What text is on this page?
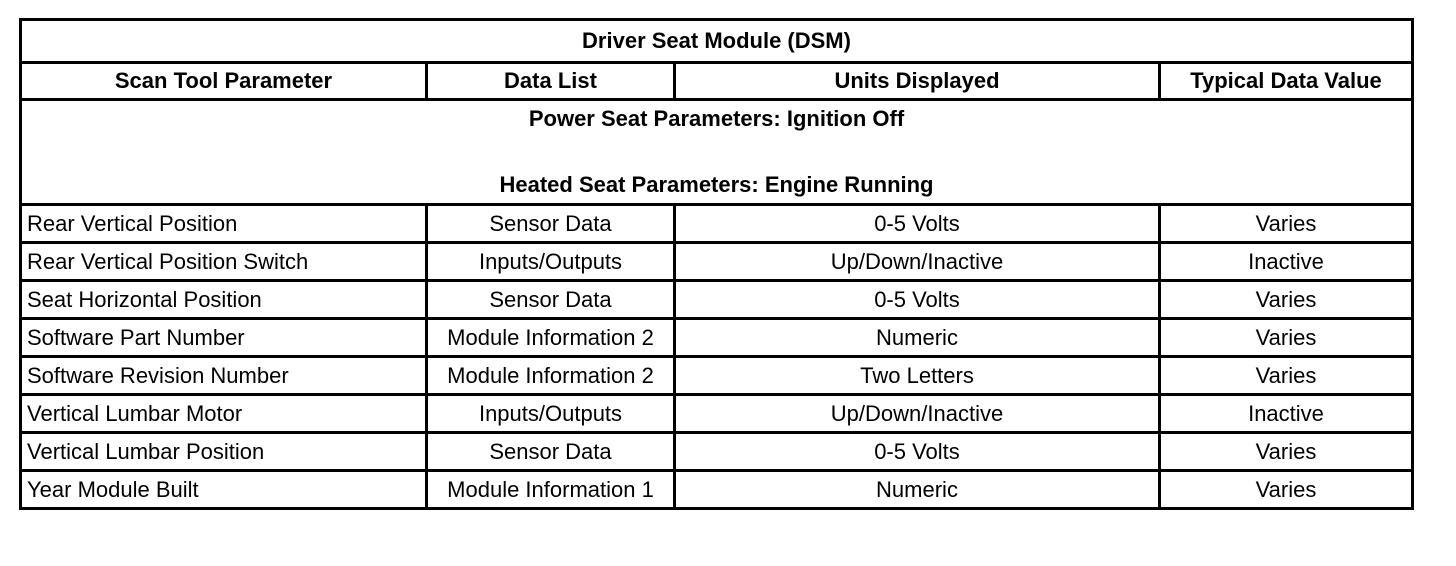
Driver Seat Module (DSM)			
Scan Tool Parameter	Data List	Units Displayed	Typical Data Value

Power Seat Parameters: Ignition Off
Heated Seat Parameters: Engine Running			

Rear Vertical Position	Sensor Data	0-5 Volts	Varies
Rear Vertical Position Switch	Inputs/Outputs	Up/Down/Inactive	Inactive
Seat Horizontal Position	Sensor Data	0-5 Volts	Varies
Software Part Number	Module Information 2	Numeric	Varies
Software Revision Number	Module Information 2	Two Letters	Varies
Vertical Lumbar Motor	Inputs/Outputs	Up/Down/Inactive	Inactive
Vertical Lumbar Position	Sensor Data	0-5 Volts	Varies
Year Module Built	Module Information 1	Numeric	Varies
